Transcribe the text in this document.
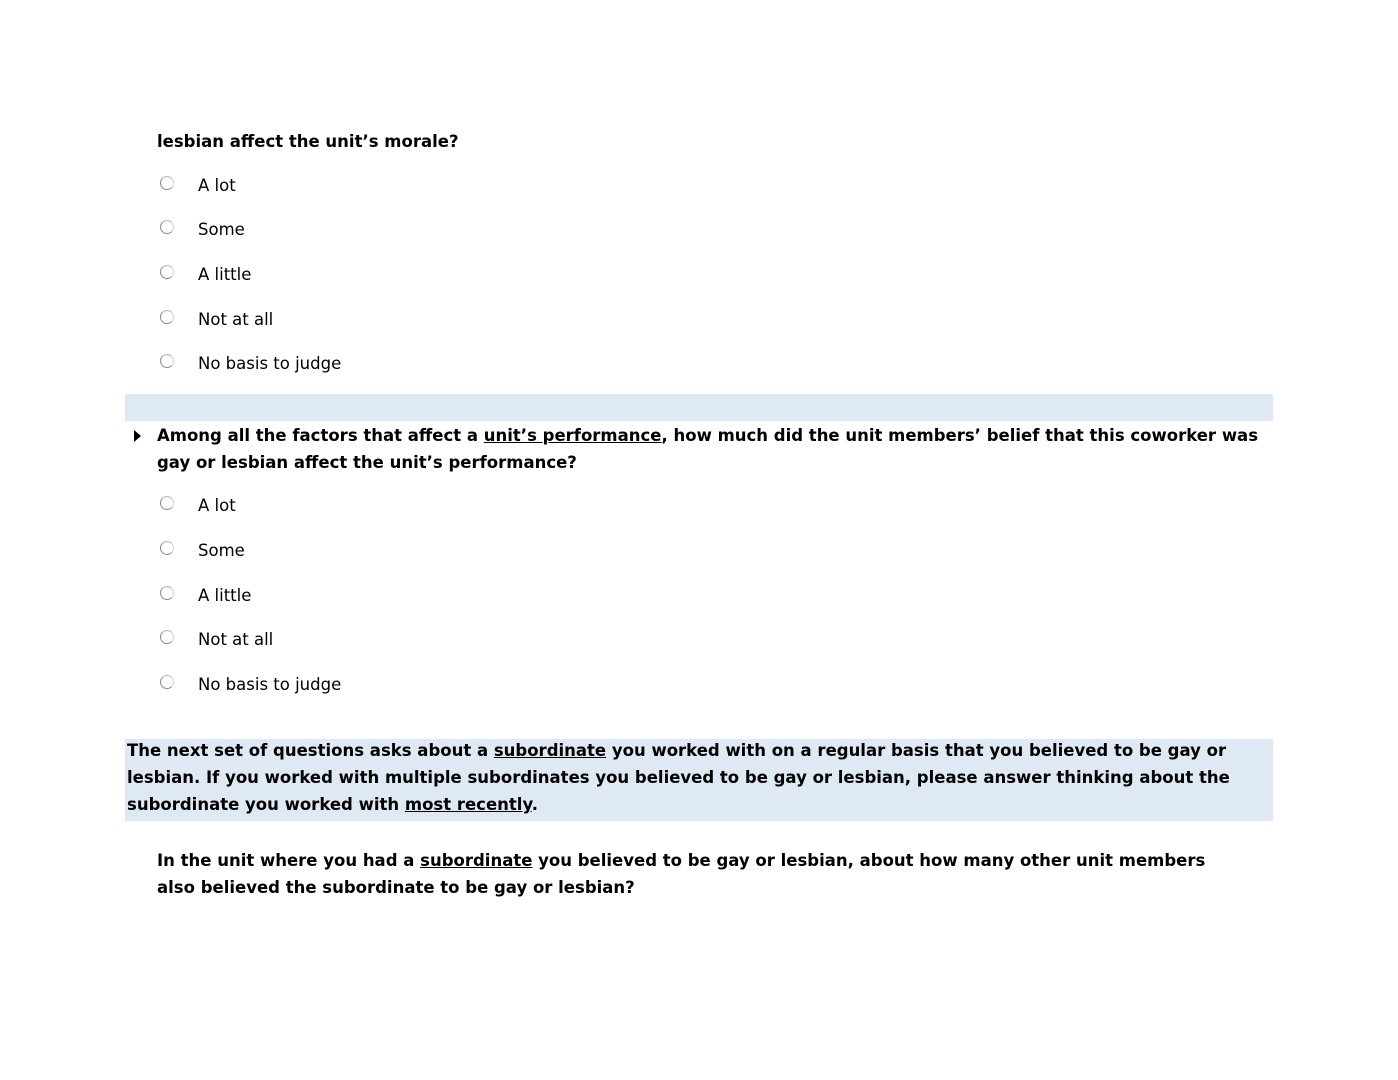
lesbian affect the unit’s morale?

A lot
Some
A little
Not at all
No basis to judge

Among all the factors that affect a unit’s performance, how much did the unit members’ belief that this coworker was gay or lesbian affect the unit’s performance?

A lot
Some
A little
Not at all
No basis to judge

The next set of questions asks about a subordinate you worked with on a regular basis that you believed to be gay or lesbian. If you worked with multiple subordinates you believed to be gay or lesbian, please answer thinking about the subordinate you worked with most recently.

In the unit where you had a subordinate you believed to be gay or lesbian, about how many other unit members also believed the subordinate to be gay or lesbian?
